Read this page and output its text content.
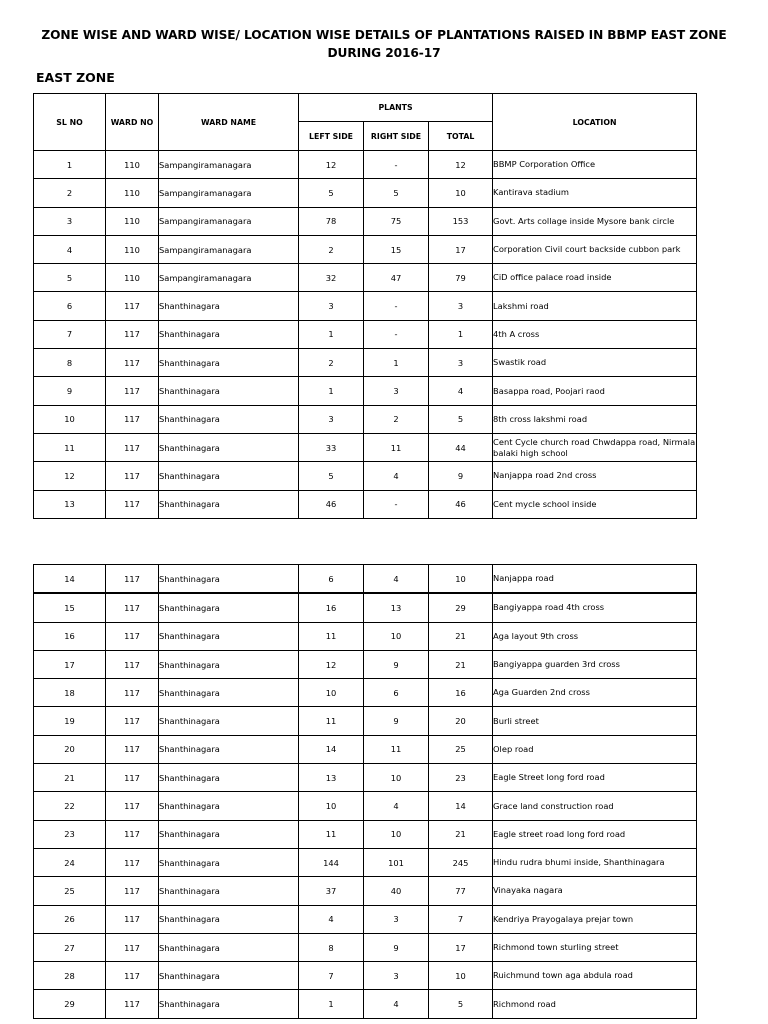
ZONE WISE AND WARD WISE/ LOCATION WISE DETAILS OF PLANTATIONS RAISED IN BBMP EAST ZONE
DURING 2016-17
EAST ZONE
SL NO	WARD NO	WARD NAME	PLANTS			LOCATION
			LEFT SIDE	RIGHT SIDE	TOTAL	
1	110	Sampangiramanagara	12	-	12	BBMP Corporation Office
2	110	Sampangiramanagara	5	5	10	Kantirava stadium
3	110	Sampangiramanagara	78	75	153	Govt. Arts collage inside Mysore bank circle
4	110	Sampangiramanagara	2	15	17	Corporation Civil court backside cubbon park
5	110	Sampangiramanagara	32	47	79	CiD office palace road inside
6	117	Shanthinagara	3	-	3	Lakshmi road
7	117	Shanthinagara	1	-	1	4th A cross
8	117	Shanthinagara	2	1	3	Swastik road
9	117	Shanthinagara	1	3	4	Basappa road, Poojari raod
10	117	Shanthinagara	3	2	5	8th cross lakshmi road
11	117	Shanthinagara	33	11	44	Cent Cycle church road Chwdappa road, Nirmala balaki high school
12	117	Shanthinagara	5	4	9	Nanjappa road 2nd cross
13	117	Shanthinagara	46	-	46	Cent mycle school inside
14	117	Shanthinagara	6	4	10	Nanjappa road
15	117	Shanthinagara	16	13	29	Bangiyappa road 4th cross
16	117	Shanthinagara	11	10	21	Aga layout 9th cross
17	117	Shanthinagara	12	9	21	Bangiyappa guarden 3rd cross
18	117	Shanthinagara	10	6	16	Aga Guarden 2nd cross
19	117	Shanthinagara	11	9	20	Burli street
20	117	Shanthinagara	14	11	25	Olep road
21	117	Shanthinagara	13	10	23	Eagle Street long ford road
22	117	Shanthinagara	10	4	14	Grace land construction road
23	117	Shanthinagara	11	10	21	Eagle street road long ford road
24	117	Shanthinagara	144	101	245	Hindu rudra bhumi inside, Shanthinagara
25	117	Shanthinagara	37	40	77	Vinayaka nagara
26	117	Shanthinagara	4	3	7	Kendriya Prayogalaya prejar town
27	117	Shanthinagara	8	9	17	Richmond town sturling street
28	117	Shanthinagara	7	3	10	Ruichmund town aga abdula road
29	117	Shanthinagara	1	4	5	Richmond road
